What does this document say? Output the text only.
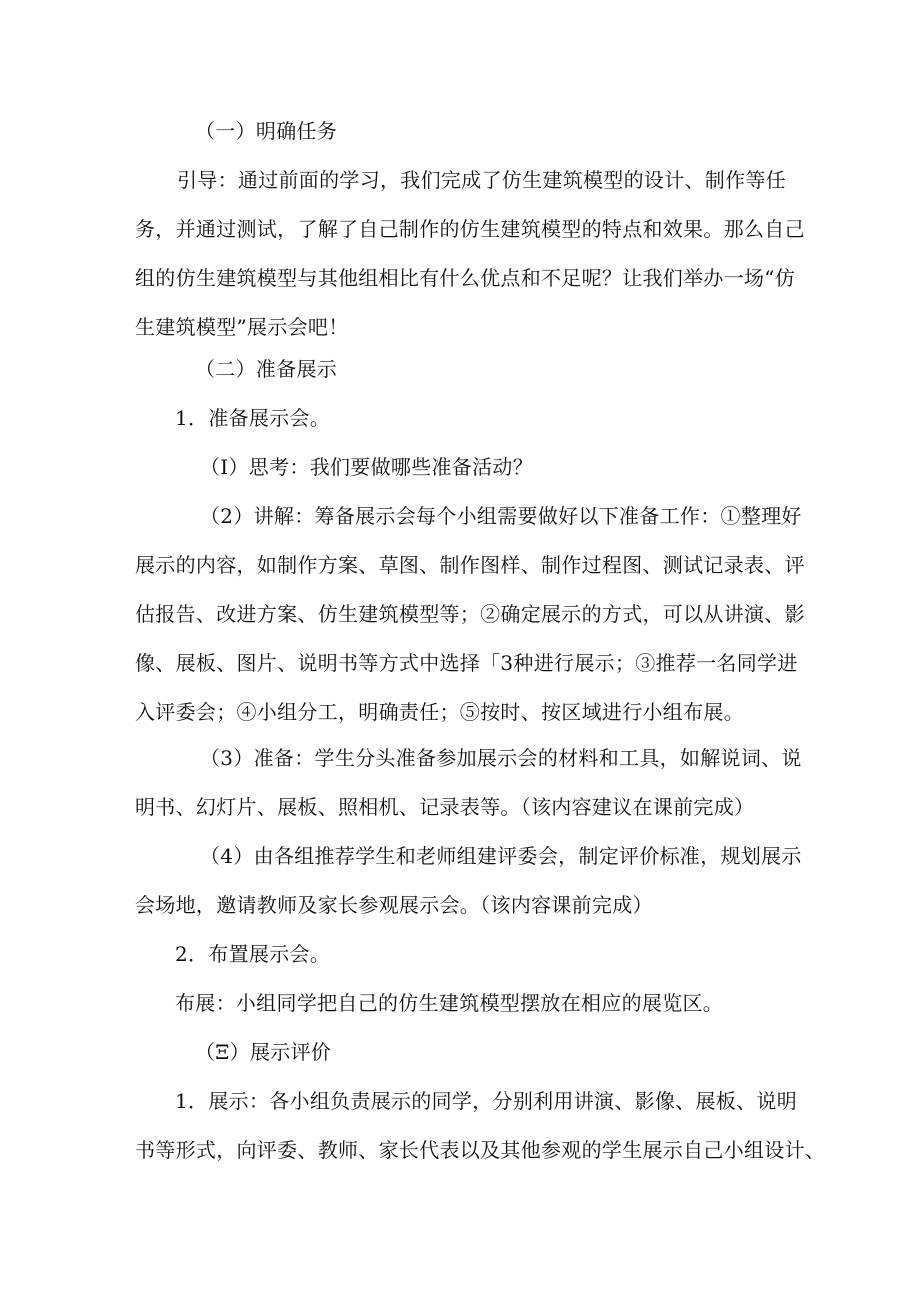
（一）明确任务

引导：通过前面的学习，我们完成了仿生建筑模型的设计、制作等任
务，并通过测试，了解了自己制作的仿生建筑模型的特点和效果。那么自己
组的仿生建筑模型与其他组相比有什么优点和不足呢？让我们举办一场“仿
生建筑模型”展示会吧！

（二）准备展示

1．准备展示会。

（I）思考：我们要做哪些准备活动？

（2）讲解：筹备展示会每个小组需要做好以下准备工作：①整理好
展示的内容，如制作方案、草图、制作图样、制作过程图、测试记录表、评
估报告、改进方案、仿生建筑模型等；②确定展示的方式，可以从讲演、影
像、展板、图片、说明书等方式中选择「3种进行展示；③推荐一名同学进
入评委会；④小组分工，明确责任；⑤按时、按区域进行小组布展。

（3）准备：学生分头准备参加展示会的材料和工具，如解说词、说
明书、幻灯片、展板、照相机、记录表等。（该内容建议在课前完成）

（4）由各组推荐学生和老师组建评委会，制定评价标准，规划展示
会场地，邀请教师及家长参观展示会。（该内容课前完成）

2．布置展示会。

布展：小组同学把自己的仿生建筑模型摆放在相应的展览区。

（Ξ）展示评价

1．展示：各小组负责展示的同学，分别利用讲演、影像、展板、说明
书等形式，向评委、教师、家长代表以及其他参观的学生展示自己小组设计、
